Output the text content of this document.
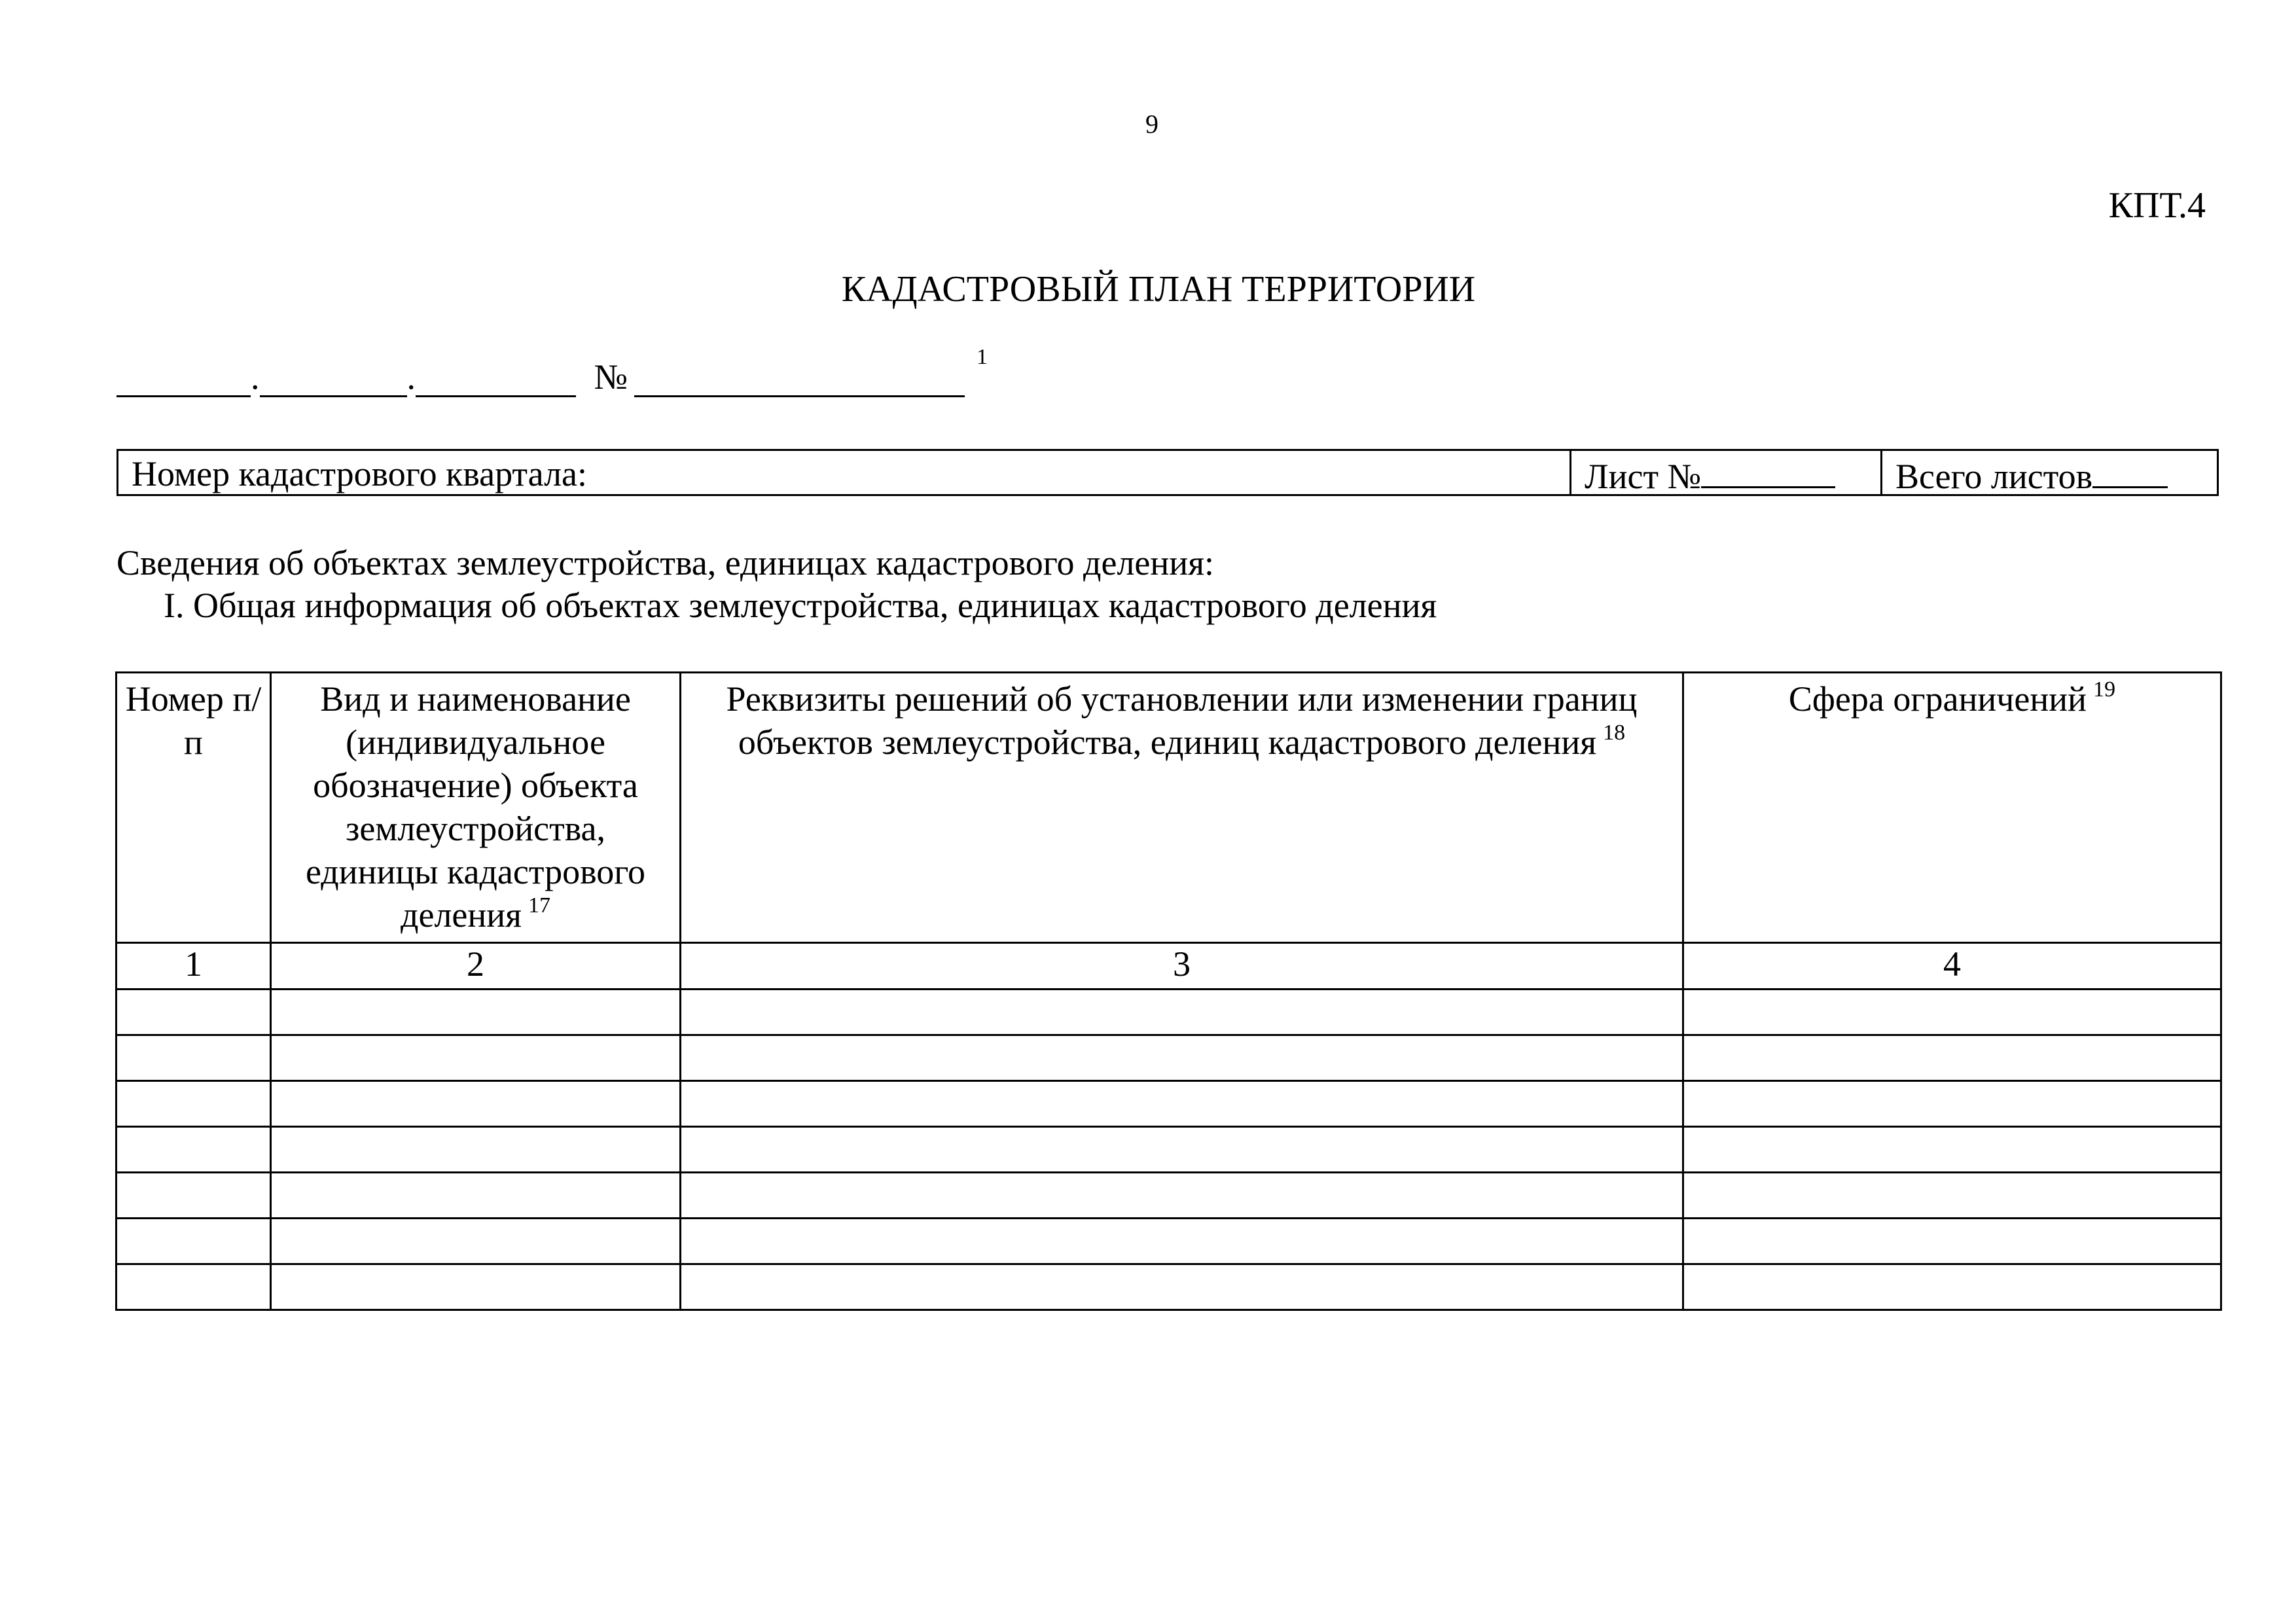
9
КПТ.4
КАДАСТРОВЫЙ ПЛАН ТЕРРИТОРИИ
.	.	№1
Номер кадастрового квартала:	Лист №	Всего листов
Сведения об объектах землеустройства, единицах кадастрового деления:
I. Общая информация об объектах землеустройства, единицах кадастрового деления
Номер п/п	Вид и наименование (индивидуальное обозначение) объекта землеустройства, единицы кадастрового деления $^{17}$	Реквизиты решений об установлении или изменении границ объектов землеустройства, единиц кадастрового деления $^{18}$	Сфера ограничений $^{19}$
1	2	3	4
